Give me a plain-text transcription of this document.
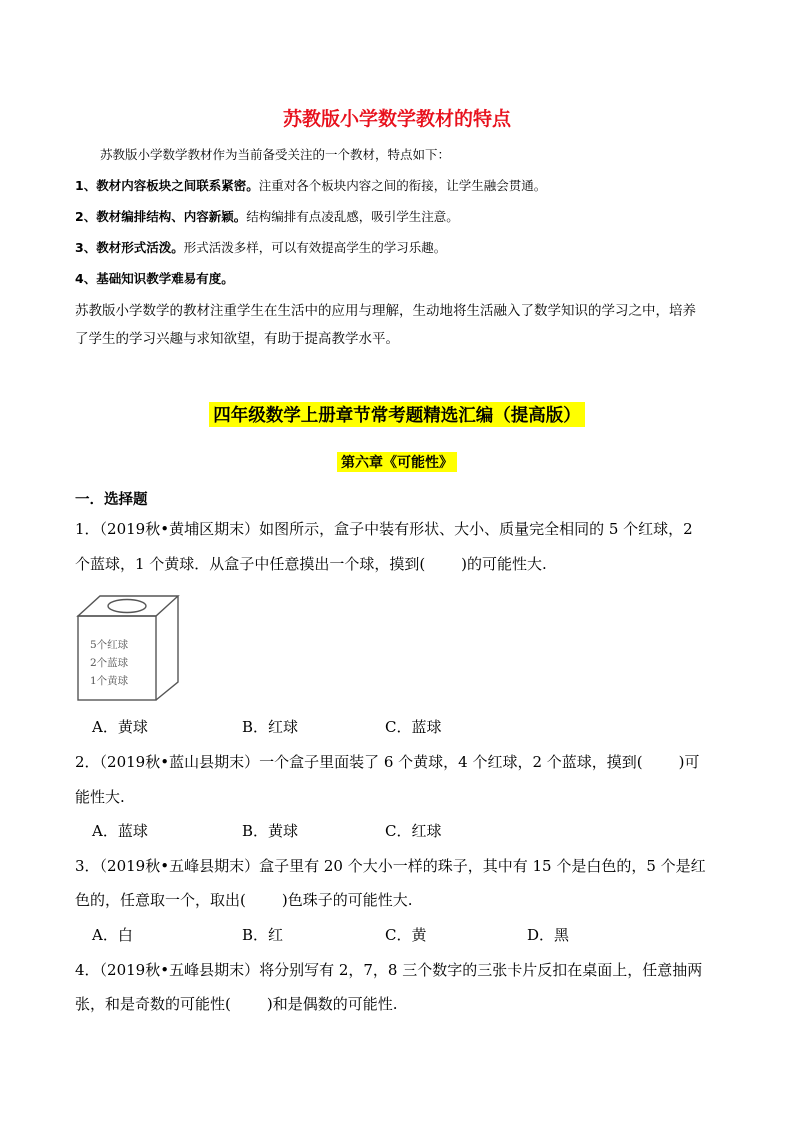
苏教版小学数学教材的特点
苏教版小学数学教材作为当前备受关注的一个教材，特点如下：
1、教材内容板块之间联系紧密。注重对各个板块内容之间的衔接，让学生融会贯通。
2、教材编排结构、内容新颖。结构编排有点凌乱感，吸引学生注意。
3、教材形式活泼。形式活泼多样，可以有效提高学生的学习乐趣。
4、基础知识教学难易有度。
苏教版小学数学的教材注重学生在生活中的应用与理解，生动地将生活融入了数学知识的学习之中，培养
了学生的学习兴趣与求知欲望，有助于提高教学水平。
四年级数学上册章节常考题精选汇编（提高版）
第六章《可能性》
一．选择题
1．（2019秋•黄埔区期末）如图所示，盒子中装有形状、大小、质量完全相同的 5 个红球，2
个蓝球，1 个黄球．从盒子中任意摸出一个球，摸到( )的可能性大.
5个红球
2个蓝球
1个黄球
A．黄球	B．红球	C．蓝球
2．（2019秋•蓝山县期末）一个盒子里面装了 6 个黄球，4 个红球，2 个蓝球，摸到( )可
能性大.
A．蓝球	B．黄球	C．红球
3．（2019秋•五峰县期末）盒子里有 20 个大小一样的珠子，其中有 15 个是白色的，5 个是红
色的，任意取一个，取出( )色珠子的可能性大.
A．白	B．红	C．黄	D．黑
4．（2019秋•五峰县期末）将分别写有 2，7，8 三个数字的三张卡片反扣在桌面上，任意抽两
张，和是奇数的可能性( )和是偶数的可能性.
